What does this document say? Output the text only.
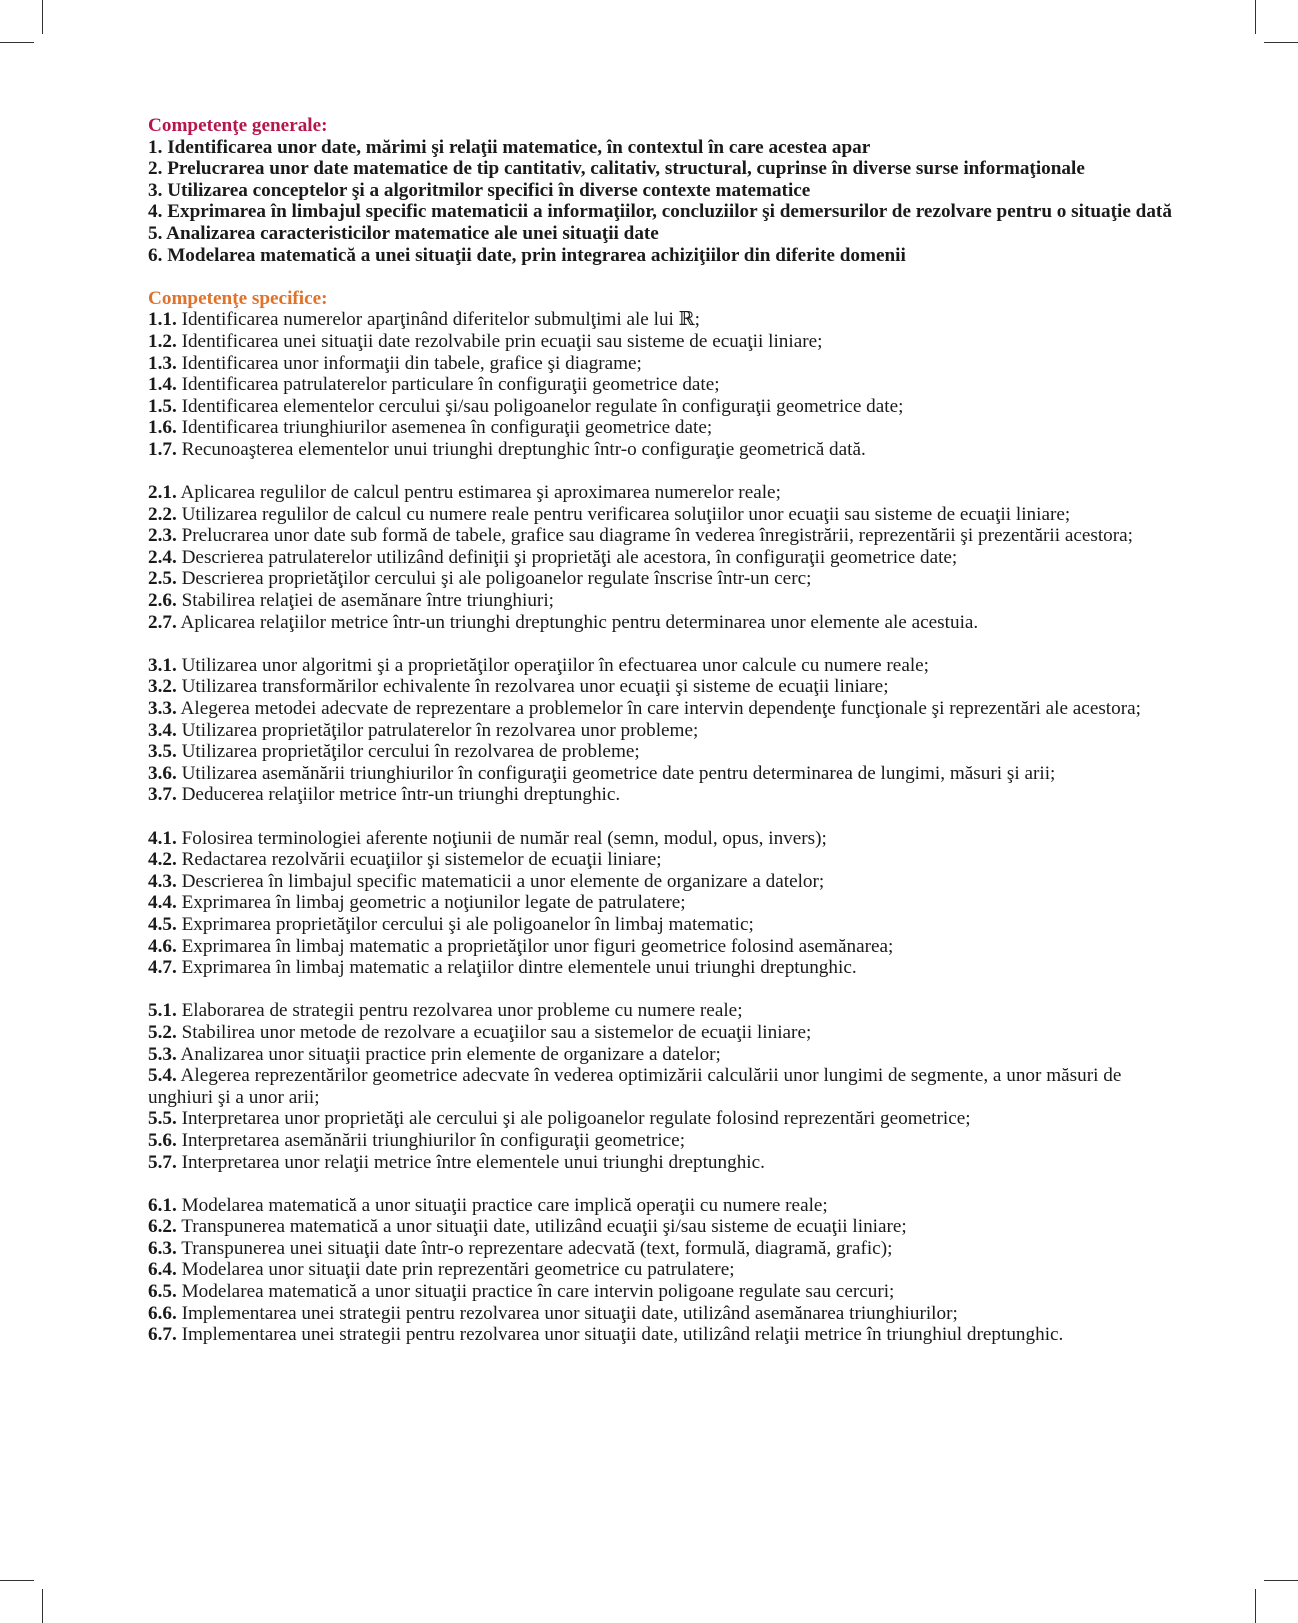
Competenţe generale:

1. Identificarea unor date, mărimi şi relaţii matematice, în contextul în care acestea apar

2. Prelucrarea unor date matematice de tip cantitativ, calitativ, structural, cuprinse în diverse surse informaţionale

3. Utilizarea conceptelor şi a algoritmilor specifici în diverse contexte matematice

4. Exprimarea în limbajul specific matematicii a informaţiilor, concluziilor şi demersurilor de rezolvare pentru o situaţie dată

5. Analizarea caracteristicilor matematice ale unei situaţii date

6. Modelarea matematică a unei situaţii date, prin integrarea achiziţiilor din diferite domenii

Competenţe specifice:

1.1. Identificarea numerelor aparţinând diferitelor submulţimi ale lui ℝ;

1.2. Identificarea unei situaţii date rezolvabile prin ecuaţii sau sisteme de ecuaţii liniare;

1.3. Identificarea unor informaţii din tabele, grafice şi diagrame;

1.4. Identificarea patrulaterelor particulare în configuraţii geometrice date;

1.5. Identificarea elementelor cercului şi/sau poligoanelor regulate în configuraţii geometrice date;

1.6. Identificarea triunghiurilor asemenea în configuraţii geometrice date;

1.7. Recunoaşterea elementelor unui triunghi dreptunghic într-o configuraţie geometrică dată.

2.1. Aplicarea regulilor de calcul pentru estimarea şi aproximarea numerelor reale;

2.2. Utilizarea regulilor de calcul cu numere reale pentru verificarea soluţiilor unor ecuaţii sau sisteme de ecuaţii liniare;

2.3. Prelucrarea unor date sub formă de tabele, grafice sau diagrame în vederea înregistrării, reprezentării şi prezentării acestora;

2.4. Descrierea patrulaterelor utilizând definiţii şi proprietăţi ale acestora, în configuraţii geometrice date;

2.5. Descrierea proprietăţilor cercului şi ale poligoanelor regulate înscrise într-un cerc;

2.6. Stabilirea relaţiei de asemănare între triunghiuri;

2.7. Aplicarea relaţiilor metrice într-un triunghi dreptunghic pentru determinarea unor elemente ale acestuia.

3.1. Utilizarea unor algoritmi şi a proprietăţilor operaţiilor în efectuarea unor calcule cu numere reale;

3.2. Utilizarea transformărilor echivalente în rezolvarea unor ecuaţii şi sisteme de ecuaţii liniare;

3.3. Alegerea metodei adecvate de reprezentare a problemelor în care intervin dependenţe funcţionale şi reprezentări ale acestora;

3.4. Utilizarea proprietăţilor patrulaterelor în rezolvarea unor probleme;

3.5. Utilizarea proprietăţilor cercului în rezolvarea de probleme;

3.6. Utilizarea asemănării triunghiurilor în configuraţii geometrice date pentru determinarea de lungimi, măsuri şi arii;

3.7. Deducerea relaţiilor metrice într-un triunghi dreptunghic.

4.1. Folosirea terminologiei aferente noţiunii de număr real (semn, modul, opus, invers);

4.2. Redactarea rezolvării ecuaţiilor şi sistemelor de ecuaţii liniare;

4.3. Descrierea în limbajul specific matematicii a unor elemente de organizare a datelor;

4.4. Exprimarea în limbaj geometric a noţiunilor legate de patrulatere;

4.5. Exprimarea proprietăţilor cercului şi ale poligoanelor în limbaj matematic;

4.6. Exprimarea în limbaj matematic a proprietăţilor unor figuri geometrice folosind asemănarea;

4.7. Exprimarea în limbaj matematic a relaţiilor dintre elementele unui triunghi dreptunghic.

5.1. Elaborarea de strategii pentru rezolvarea unor probleme cu numere reale;

5.2. Stabilirea unor metode de rezolvare a ecuaţiilor sau a sistemelor de ecuaţii liniare;

5.3. Analizarea unor situaţii practice prin elemente de organizare a datelor;

5.4. Alegerea reprezentărilor geometrice adecvate în vederea optimizării calculării unor lungimi de segmente, a unor măsuri de unghiuri şi a unor arii;

5.5. Interpretarea unor proprietăţi ale cercului şi ale poligoanelor regulate folosind reprezentări geometrice;

5.6. Interpretarea asemănării triunghiurilor în configuraţii geometrice;

5.7. Interpretarea unor relaţii metrice între elementele unui triunghi dreptunghic.

6.1. Modelarea matematică a unor situaţii practice care implică operaţii cu numere reale;

6.2. Transpunerea matematică a unor situaţii date, utilizând ecuaţii şi/sau sisteme de ecuaţii liniare;

6.3. Transpunerea unei situaţii date într-o reprezentare adecvată (text, formulă, diagramă, grafic);

6.4. Modelarea unor situaţii date prin reprezentări geometrice cu patrulatere;

6.5. Modelarea matematică a unor situaţii practice în care intervin poligoane regulate sau cercuri;

6.6. Implementarea unei strategii pentru rezolvarea unor situaţii date, utilizând asemănarea triunghiurilor;

6.7. Implementarea unei strategii pentru rezolvarea unor situaţii date, utilizând relaţii metrice în triunghiul dreptunghic.
